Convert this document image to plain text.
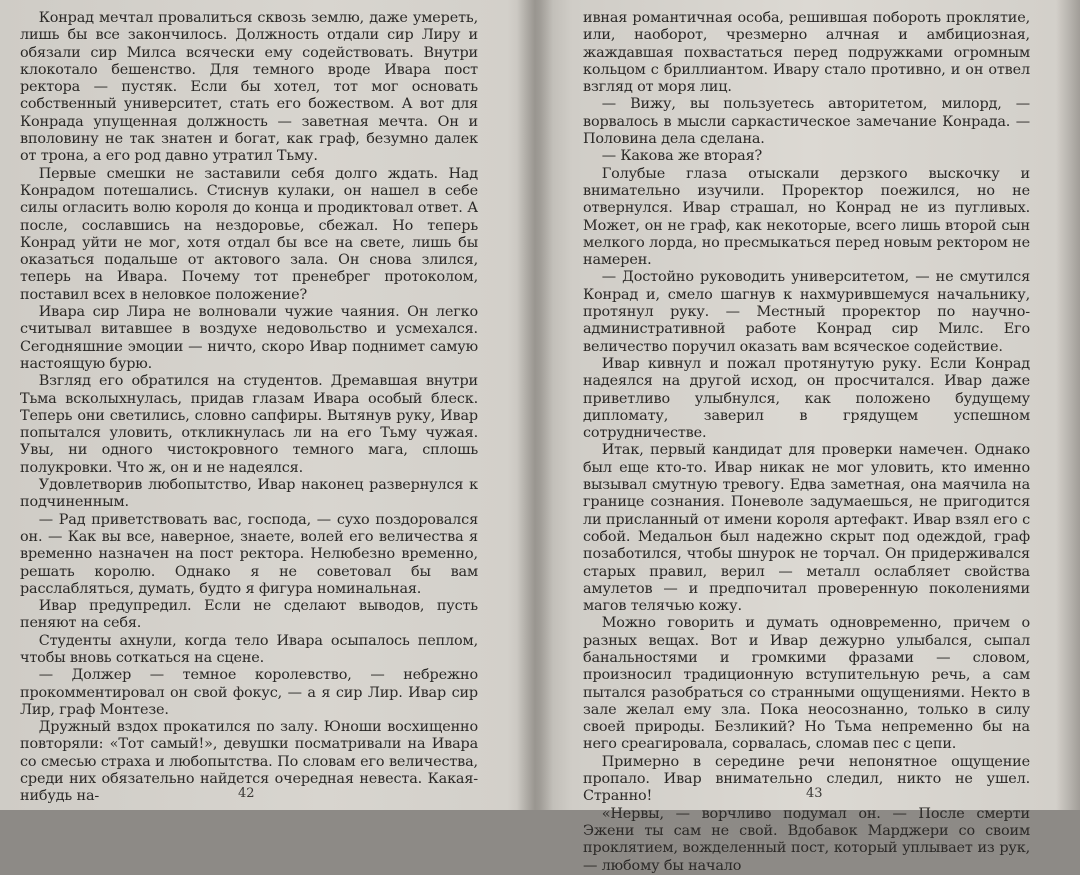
Конрад мечтал провалиться сквозь землю, даже умереть, лишь бы все закончилось. Должность отдали сир Лиру и обязали сир Милса всячески ему содействовать. Внутри клокотало бешенство. Для темного вроде Ивара пост ректора — пустяк. Если бы хотел, тот мог основать собственный университет, стать его божеством. А вот для Конрада упущенная должность — заветная мечта. Он и вполовину не так знатен и богат, как граф, безумно далек от трона, а его род давно утратил Тьму.

Первые смешки не заставили себя долго ждать. Над Конрадом потешались. Стиснув кулаки, он нашел в себе силы огласить волю короля до конца и продиктовал ответ. А после, сославшись на нездоровье, сбежал. Но теперь Конрад уйти не мог, хотя отдал бы все на свете, лишь бы оказаться подальше от актового зала. Он снова злился, теперь на Ивара. Почему тот пренебрег протоколом, поставил всех в неловкое положение?

Ивара сир Лира не волновали чужие чаяния. Он легко считывал витавшее в воздухе недовольство и усмехался. Сегодняшние эмоции — ничто, скоро Ивар поднимет самую настоящую бурю.

Взгляд его обратился на студентов. Дремавшая внутри Тьма всколыхнулась, придав глазам Ивара особый блеск. Теперь они светились, словно сапфиры. Вытянув руку, Ивар попытался уловить, откликнулась ли на его Тьму чужая. Увы, ни одного чистокровного темного мага, сплошь полукровки. Что ж, он и не надеялся.

Удовлетворив любопытство, Ивар наконец развернулся к подчиненным.

— Рад приветствовать вас, господа, — сухо поздоровался он. — Как вы все, наверное, знаете, волей его величества я временно назначен на пост ректора. Нелюбезно временно, решать королю. Однако я не советовал бы вам расслабляться, думать, будто я фигура номинальная.

Ивар предупредил. Если не сделают выводов, пусть пеняют на себя.

Студенты ахнули, когда тело Ивара осыпалось пеплом, чтобы вновь соткаться на сцене.

— Должер — темное королевство, — небрежно прокомментировал он свой фокус, — а я сир Лир. Ивар сир Лир, граф Монтезе.

Дружный вздох прокатился по залу. Юноши восхищенно повторяли: «Тот самый!», девушки посматривали на Ивара со смесью страха и любопытства. По словам его величества, среди них обязательно найдется очередная невеста. Какая-нибудь на-	42

ивная романтичная особа, решившая побороть проклятие, или, наоборот, чрезмерно алчная и амбициозная, жаждавшая похвастаться перед подружками огромным кольцом с бриллиантом. Ивару стало противно, и он отвел взгляд от моря лиц.

— Вижу, вы пользуетесь авторитетом, милорд, — ворвалось в мысли саркастическое замечание Конрада. — Половина дела сделана.

— Какова же вторая?

Голубые глаза отыскали дерзкого выскочку и внимательно изучили. Проректор поежился, но не отвернулся. Ивар страшал, но Конрад не из пугливых. Может, он не граф, как некоторые, всего лишь второй сын мелкого лорда, но пресмыкаться перед новым ректором не намерен.

— Достойно руководить университетом, — не смутился Конрад и, смело шагнув к нахмурившемуся начальнику, протянул руку. — Местный проректор по научно-административной работе Конрад сир Милс. Его величество поручил оказать вам всяческое содействие.

Ивар кивнул и пожал протянутую руку. Если Конрад надеялся на другой исход, он просчитался. Ивар даже приветливо улыбнулся, как положено будущему дипломату, заверил в грядущем успешном сотрудничестве.

Итак, первый кандидат для проверки намечен. Однако был еще кто-то. Ивар никак не мог уловить, кто именно вызывал смутную тревогу. Едва заметная, она маячила на границе сознания. Поневоле задумаешься, не пригодится ли присланный от имени короля артефакт. Ивар взял его с собой. Медальон был надежно скрыт под одеждой, граф позаботился, чтобы шнурок не торчал. Он придерживался старых правил, верил — металл ослабляет свойства амулетов — и предпочитал проверенную поколениями магов телячью кожу.

Можно говорить и думать одновременно, причем о разных вещах. Вот и Ивар дежурно улыбался, сыпал банальностями и громкими фразами — словом, произносил традиционную вступительную речь, а сам пытался разобраться со странными ощущениями. Некто в зале желал ему зла. Пока неосознанно, только в силу своей природы. Безликий? Но Тьма непременно бы на него среагировала, сорвалась, сломав пес с цепи.

Примерно в середине речи непонятное ощущение пропало. Ивар внимательно следил, никто не ушел. Странно!

«Нервы, — ворчливо подумал он. — После смерти Эжени ты сам не свой. Вдобавок Марджери со своим проклятием, вожделенный пост, который уплывает из рук, — любому бы начало

43
